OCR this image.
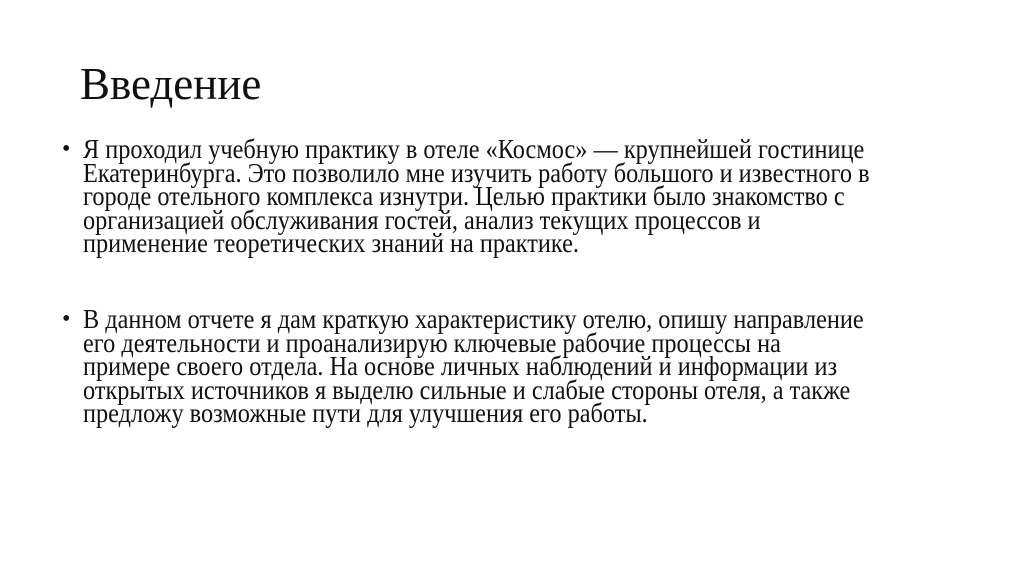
Введение
• Я проходил учебную практику в отеле «Космос» — крупнейшей гостинице
Екатеринбурга. Это позволило мне изучить работу большого и известного в
городе отельного комплекса изнутри. Целью практики было знакомство с
организацией обслуживания гостей, анализ текущих процессов и
применение теоретических знаний на практике.
• В данном отчете я дам краткую характеристику отелю, опишу направление
его деятельности и проанализирую ключевые рабочие процессы на
примере своего отдела. На основе личных наблюдений и информации из
открытых источников я выделю сильные и слабые стороны отеля, а также
предложу возможные пути для улучшения его работы.
